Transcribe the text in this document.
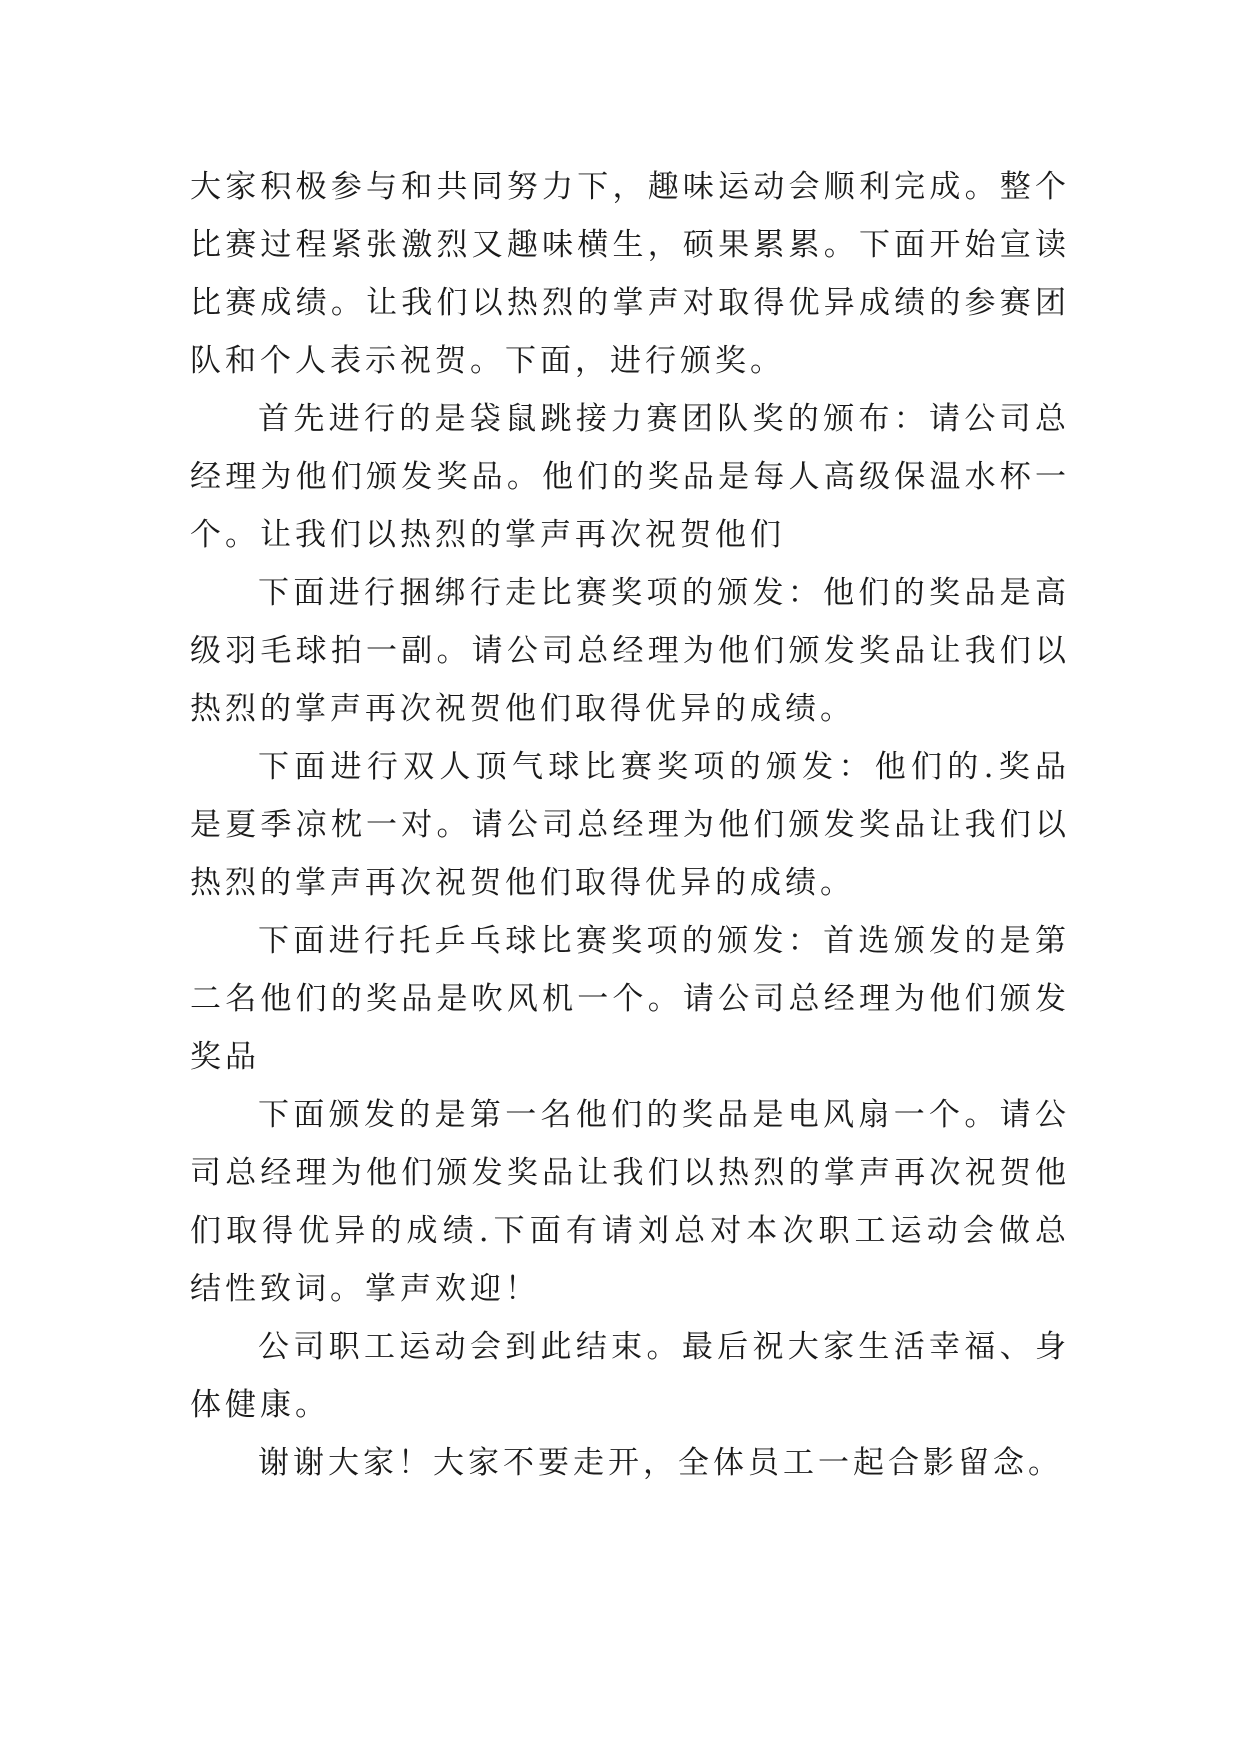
大家积极参与和共同努力下，趣味运动会顺利完成。整个比赛过程紧张激烈又趣味横生，硕果累累。下面开始宣读比赛成绩。让我们以热烈的掌声对取得优异成绩的参赛团队和个人表示祝贺。下面，进行颁奖。

首先进行的是袋鼠跳接力赛团队奖的颁布：请公司总经理为他们颁发奖品。他们的奖品是每人高级保温水杯一个。让我们以热烈的掌声再次祝贺他们

下面进行捆绑行走比赛奖项的颁发：他们的奖品是高级羽毛球拍一副。请公司总经理为他们颁发奖品让我们以热烈的掌声再次祝贺他们取得优异的成绩。

下面进行双人顶气球比赛奖项的颁发：他们的.奖品是夏季凉枕一对。请公司总经理为他们颁发奖品让我们以热烈的掌声再次祝贺他们取得优异的成绩。

下面进行托乒乓球比赛奖项的颁发：首选颁发的是第二名他们的奖品是吹风机一个。请公司总经理为他们颁发奖品

下面颁发的是第一名他们的奖品是电风扇一个。请公司总经理为他们颁发奖品让我们以热烈的掌声再次祝贺他们取得优异的成绩.下面有请刘总对本次职工运动会做总结性致词。掌声欢迎！

公司职工运动会到此结束。最后祝大家生活幸福、身体健康。

谢谢大家！大家不要走开，全体员工一起合影留念。
